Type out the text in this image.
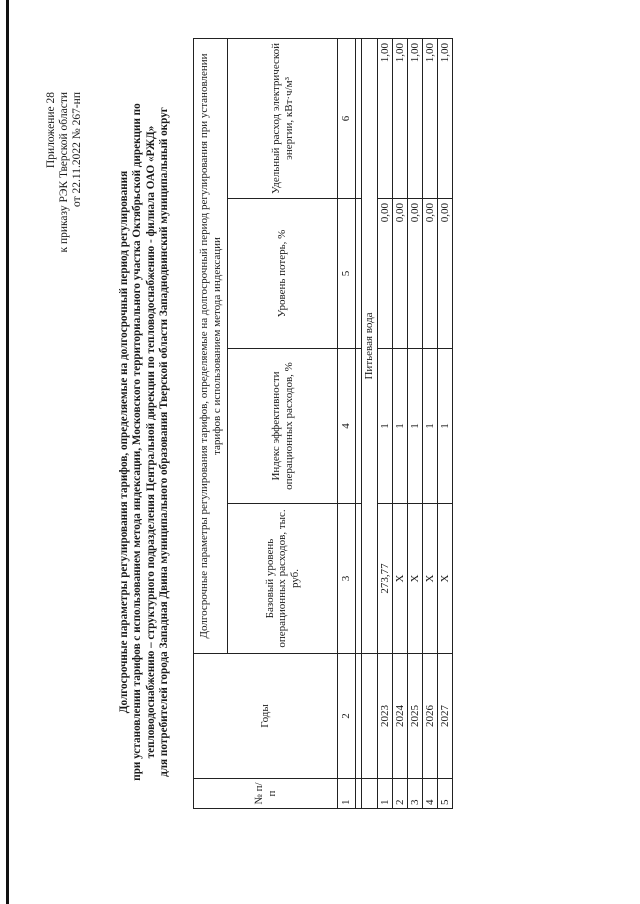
Приложение 28 к приказу РЭК Тверской области от 22.11.2022 № 267-нп
Долгосрочные параметры регулирования тарифов, определяемые на долгосрочный период регулирования при установлении тарифов с использованием метода индексации, Московского территориального участка Октябрьской дирекции по тепловодоснабжению – структурного подразделения Центральной дирекции по тепловодоснабжению - филиала ОАО «РЖД» для потребителей города Западная Двина муниципального образования Тверской области Западнодвинский муниципальный округ
№ п/п	Годы	Долгосрочные параметры регулирования тарифов, определяемые на долгосрочный период регулирования при установлении тарифов с использованием метода индексации			
		Базовый уровень операционных расходов, тыс. руб.	Индекс эффективности операционных расходов, %	Уровень потерь, %	Удельный расход электрической энергии, кВт·ч/м³
1	2	3	4	5	6

		Питьевая вода			
1	2023	273,77	1	0,00	1,00
2	2024	Х	1	0,00	1,00
3	2025	Х	1	0,00	1,00
4	2026	Х	1	0,00	1,00
5	2027	Х	1	0,00	1,00
